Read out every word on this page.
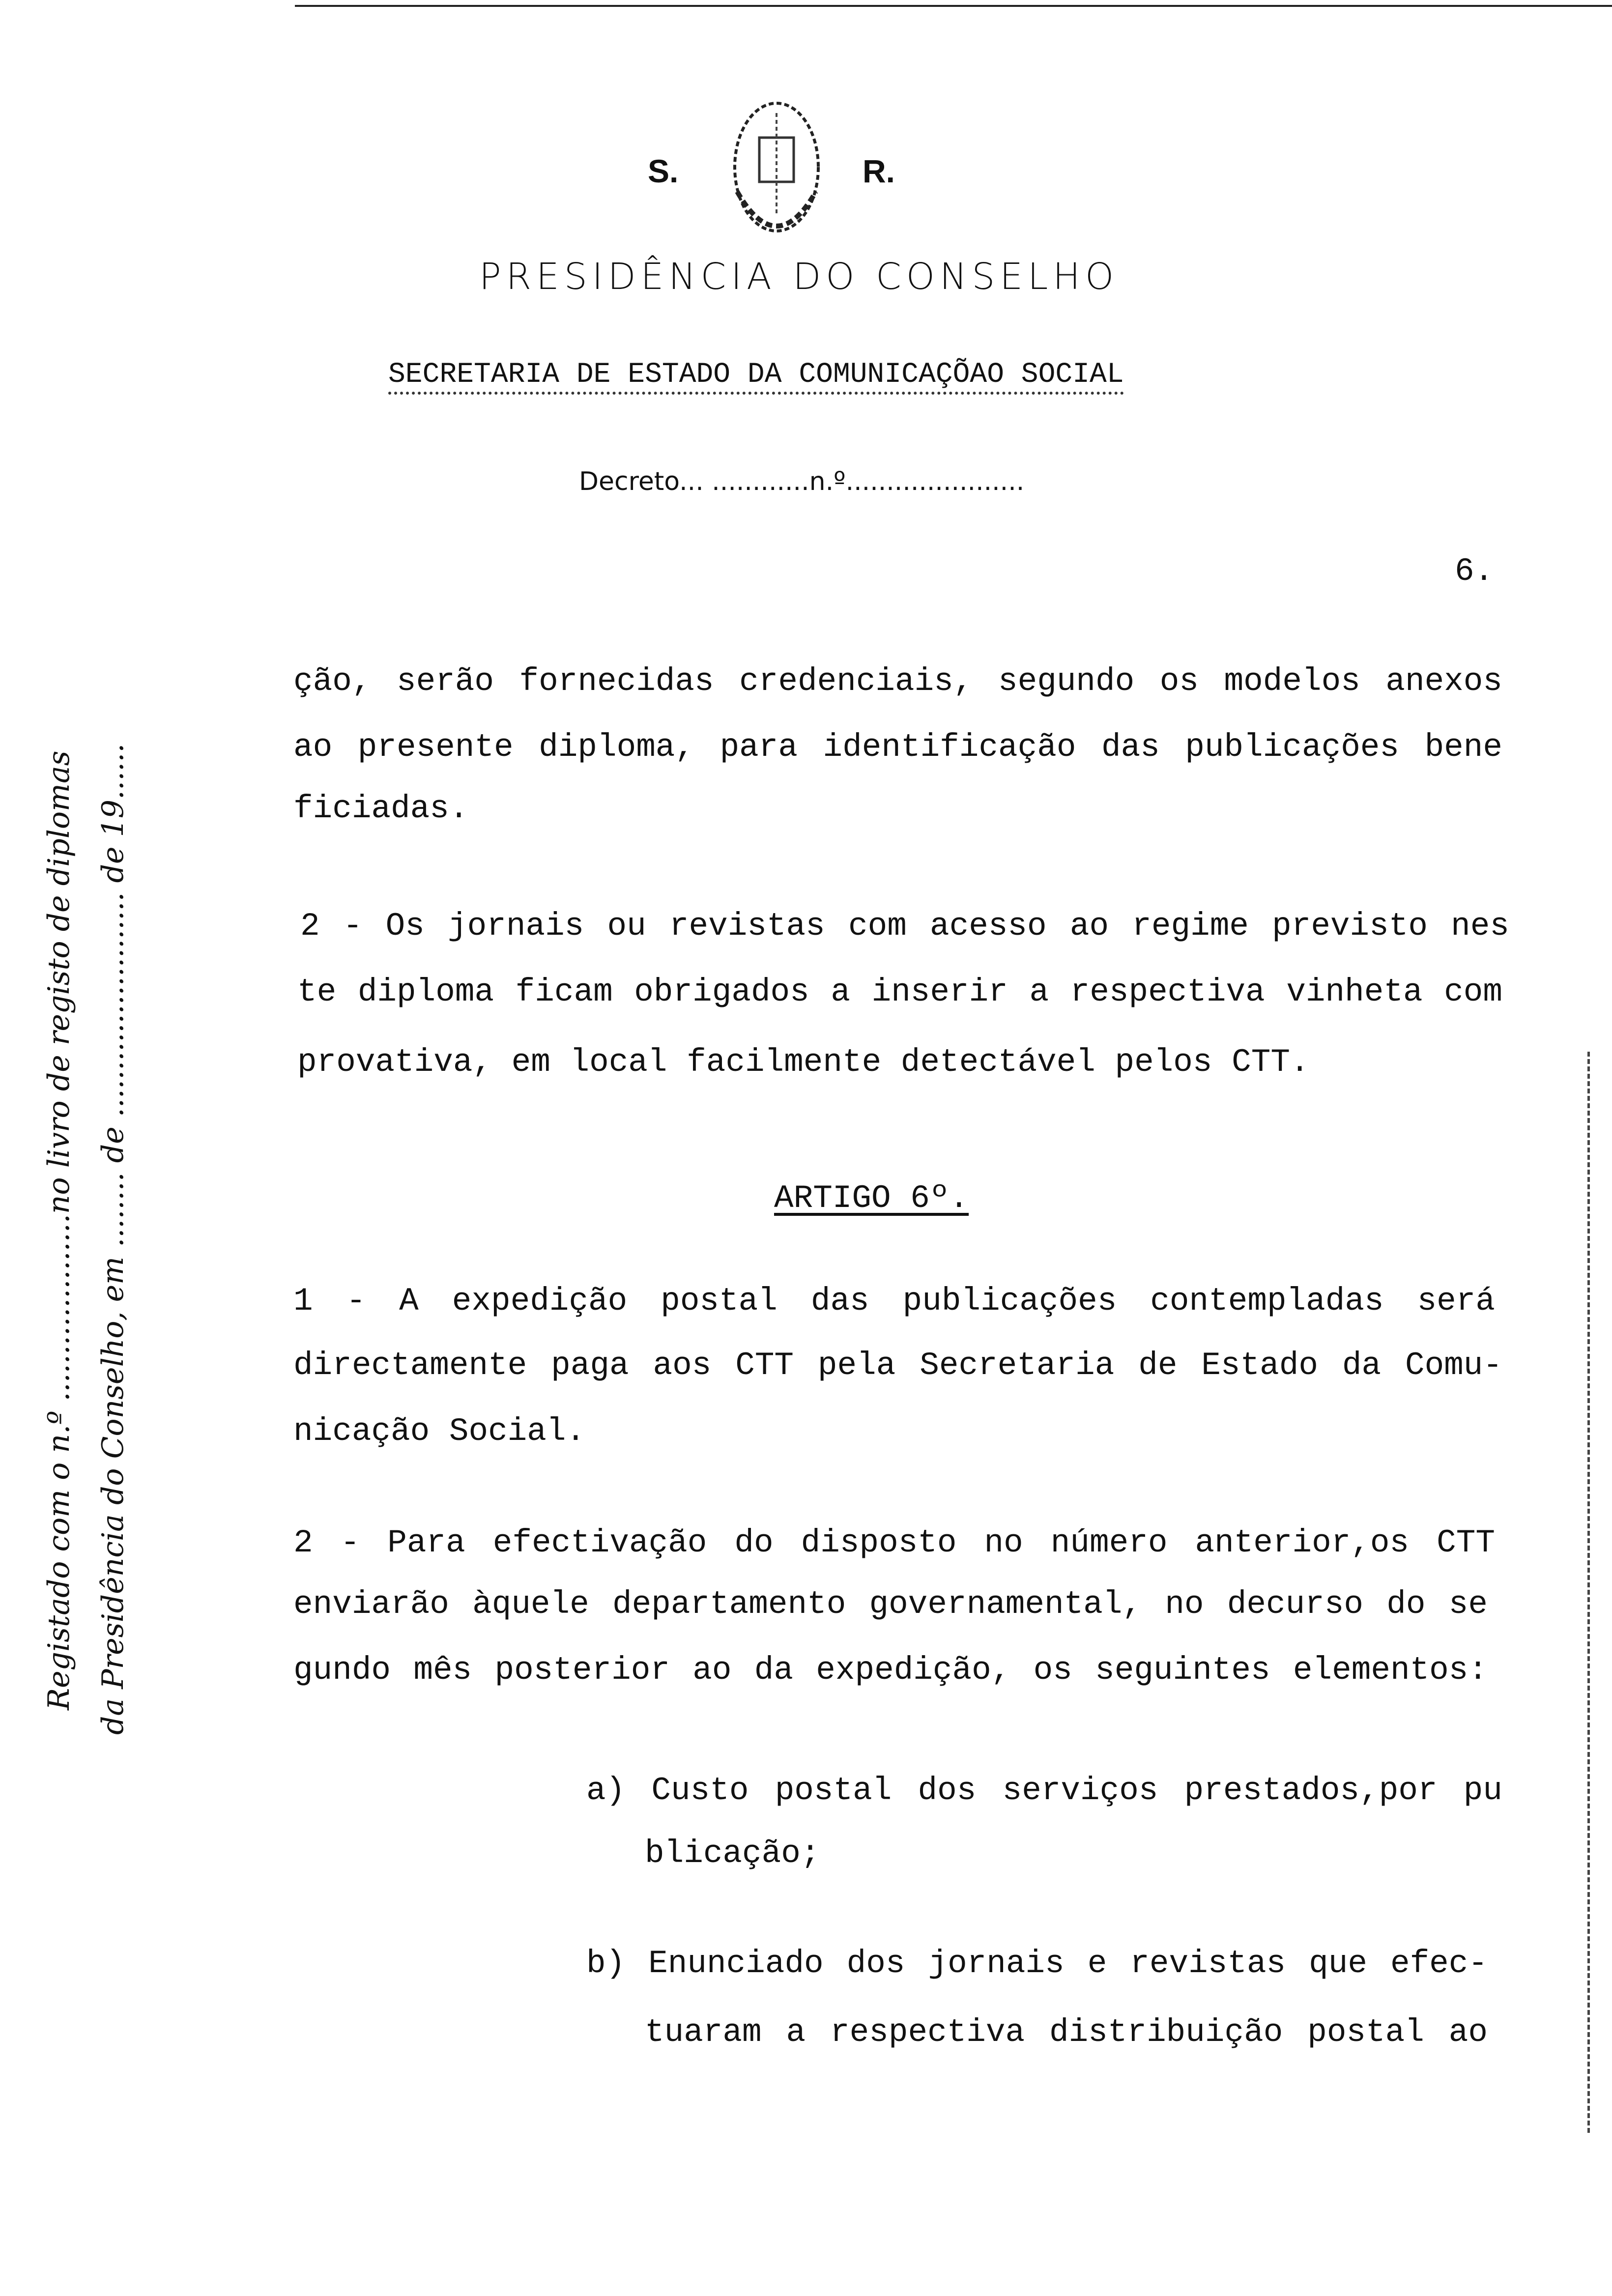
S.	R.
PRESIDÊNCIA DO CONSELHO
SECRETARIA DE ESTADO DA COMUNICAÇÕAO SOCIAL
Decreto... ............n.º......................
6.
Registado com o n.º ....................no livro de registo de diplomas da Presidência do Conselho, em ........ de ........................ de 19......
ção, serão fornecidas credenciais, segundo os modelos anexos
ao presente diploma, para identificação das publicações bene
ficiadas.
2 - Os jornais ou revistas com acesso ao regime previsto nes
te diploma ficam obrigados a inserir a respectiva vinheta com
provativa, em local facilmente detectável pelos CTT.
ARTIGO 6º.
1 - A expedição postal das publicações contempladas será
directamente paga aos CTT pela Secretaria de Estado da Comu-
nicação Social.
2 - Para efectivação do disposto no número anterior,os CTT
enviarão àquele departamento governamental, no decurso do se
gundo mês posterior ao da expedição, os seguintes elementos:
a) Custo postal dos serviços prestados,por pu
blicação;
b) Enunciado dos jornais e revistas que efec-
tuaram a respectiva distribuição postal ao
